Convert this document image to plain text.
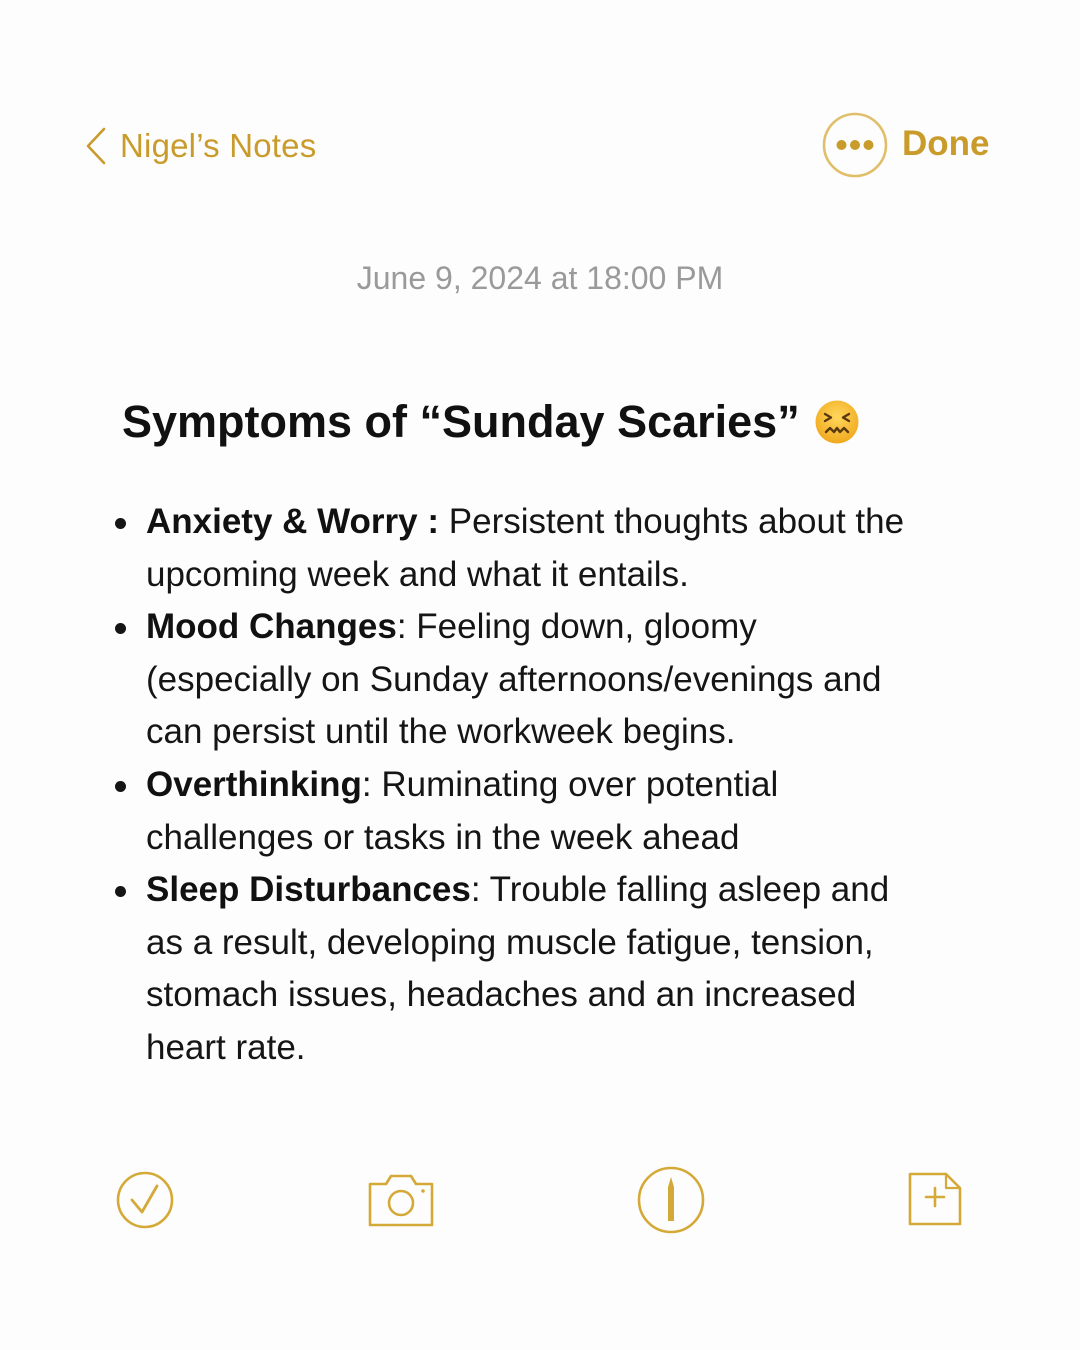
Nigel’s Notes	Done
June 9, 2024 at 18:00 PM
Symptoms of “Sunday Scaries”
Anxiety & Worry : Persistent thoughts about the upcoming week and what it entails.
Mood Changes: Feeling down, gloomy (especially on Sunday afternoons/evenings and can persist until the workweek begins.
Overthinking: Ruminating over potential challenges or tasks in the week ahead
Sleep Disturbances: Trouble falling asleep and as a result, developing muscle fatigue, tension, stomach issues, headaches and an increased heart rate.
